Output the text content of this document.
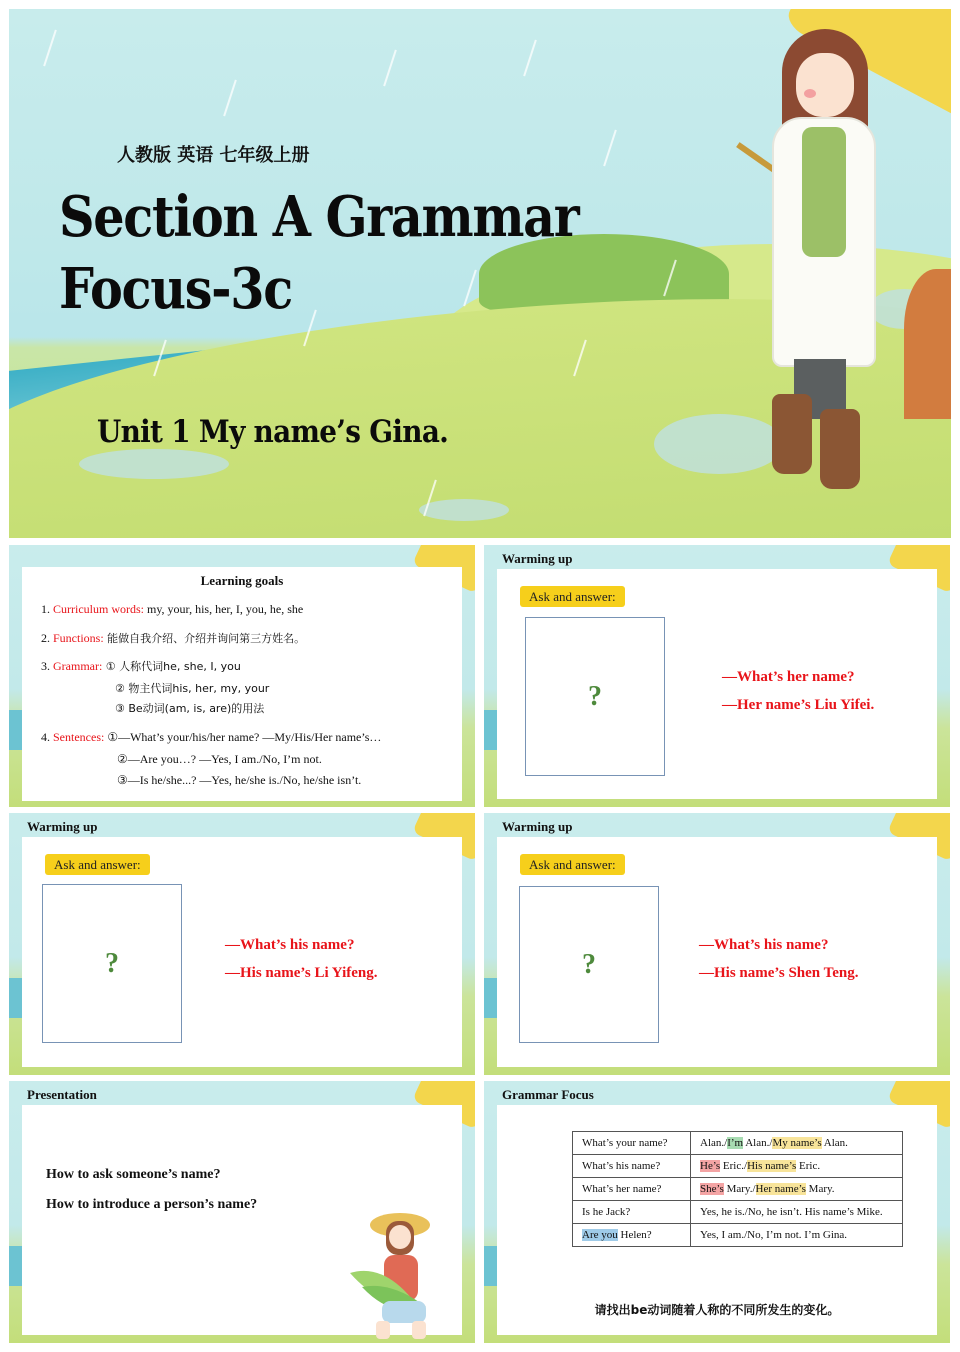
人教版 英语 七年级上册
Section A Grammar Focus-3c
Unit 1 My name’s Gina.
Learning goals
1. Curriculum words: my, your, his, her, I, you, he, she
2. Functions: 能做自我介绍、介绍并询问第三方姓名。
3. Grammar: ① 人称代词he, she, I, you
② 物主代词his, her, my, your
③ Be动词(am, is, are)的用法
4. Sentences: ①—What’s your/his/her name? —My/His/Her name’s…
②—Are you…? —Yes, I am./No, I’m not.
③—Is he/she...? —Yes, he/she is./No, he/she isn’t.
Warming up
Ask and answer:
?
—What’s her name?
—Her name’s Liu Yifei.
Warming up
Ask and answer:
?
—What’s his name?
—His name’s Li Yifeng.
Warming up
Ask and answer:
?
—What’s his name?
—His name’s Shen Teng.
Presentation
How to ask someone’s name?
How to introduce a person’s name?
Grammar Focus
What’s your name?	Alan./I’m Alan./My name’s Alan.
What’s his name?	He’s Eric./His name’s Eric.
What’s her name?	She’s Mary./Her name’s Mary.
Is he Jack?	Yes, he is./No, he isn’t. His name’s Mike.
Are you Helen?	Yes, I am./No, I’m not. I’m Gina.
请找出be动词随着人称的不同所发生的变化。
